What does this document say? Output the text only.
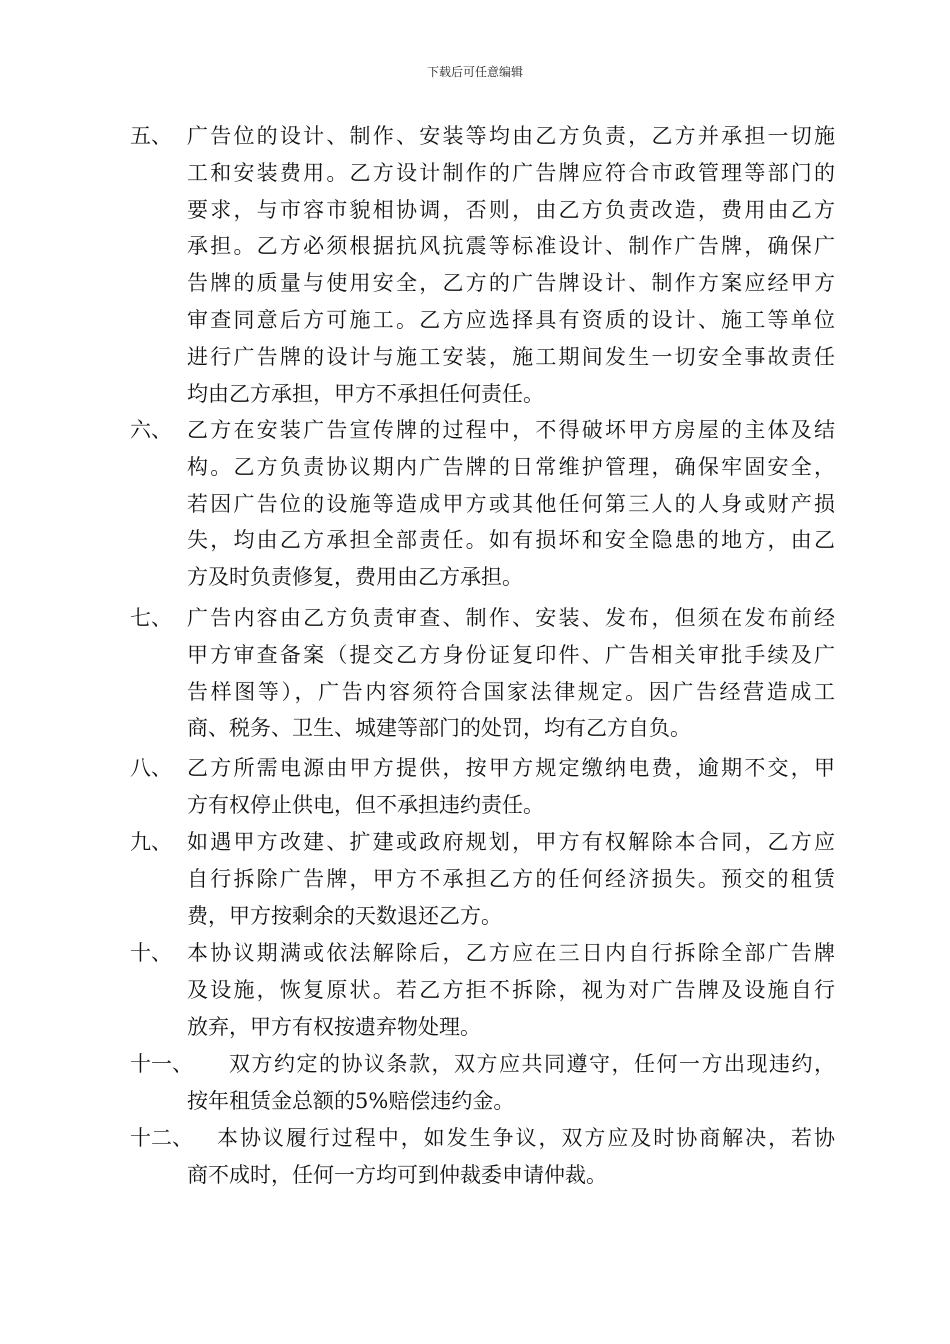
下载后可任意编辑
五、 广告位的设计、制作、安装等均由乙方负责，乙方并承担一切施
工和安装费用。乙方设计制作的广告牌应符合市政管理等部门的
要求，与市容市貌相协调，否则，由乙方负责改造，费用由乙方
承担。乙方必须根据抗风抗震等标准设计、制作广告牌，确保广
告牌的质量与使用安全，乙方的广告牌设计、制作方案应经甲方
审查同意后方可施工。乙方应选择具有资质的设计、施工等单位
进行广告牌的设计与施工安装，施工期间发生一切安全事故责任
均由乙方承担，甲方不承担任何责任。
六、 乙方在安装广告宣传牌的过程中，不得破坏甲方房屋的主体及结
构。乙方负责协议期内广告牌的日常维护管理，确保牢固安全，
若因广告位的设施等造成甲方或其他任何第三人的人身或财产损
失，均由乙方承担全部责任。如有损坏和安全隐患的地方，由乙
方及时负责修复，费用由乙方承担。
七、 广告内容由乙方负责审查、制作、安装、发布，但须在发布前经
甲方审查备案（提交乙方身份证复印件、广告相关审批手续及广
告样图等），广告内容须符合国家法律规定。因广告经营造成工
商、税务、卫生、城建等部门的处罚，均有乙方自负。
八、 乙方所需电源由甲方提供，按甲方规定缴纳电费，逾期不交，甲
方有权停止供电，但不承担违约责任。
九、 如遇甲方改建、扩建或政府规划，甲方有权解除本合同，乙方应
自行拆除广告牌，甲方不承担乙方的任何经济损失。预交的租赁
费，甲方按剩余的天数退还乙方。
十、 本协议期满或依法解除后，乙方应在三日内自行拆除全部广告牌
及设施，恢复原状。若乙方拒不拆除，视为对广告牌及设施自行
放弃，甲方有权按遗弃物处理。
十一、	双方约定的协议条款，双方应共同遵守，任何一方出现违约，
按年租赁金总额的5%赔偿违约金。
十二、	本协议履行过程中，如发生争议，双方应及时协商解决，若协
商不成时，任何一方均可到仲裁委申请仲裁。
